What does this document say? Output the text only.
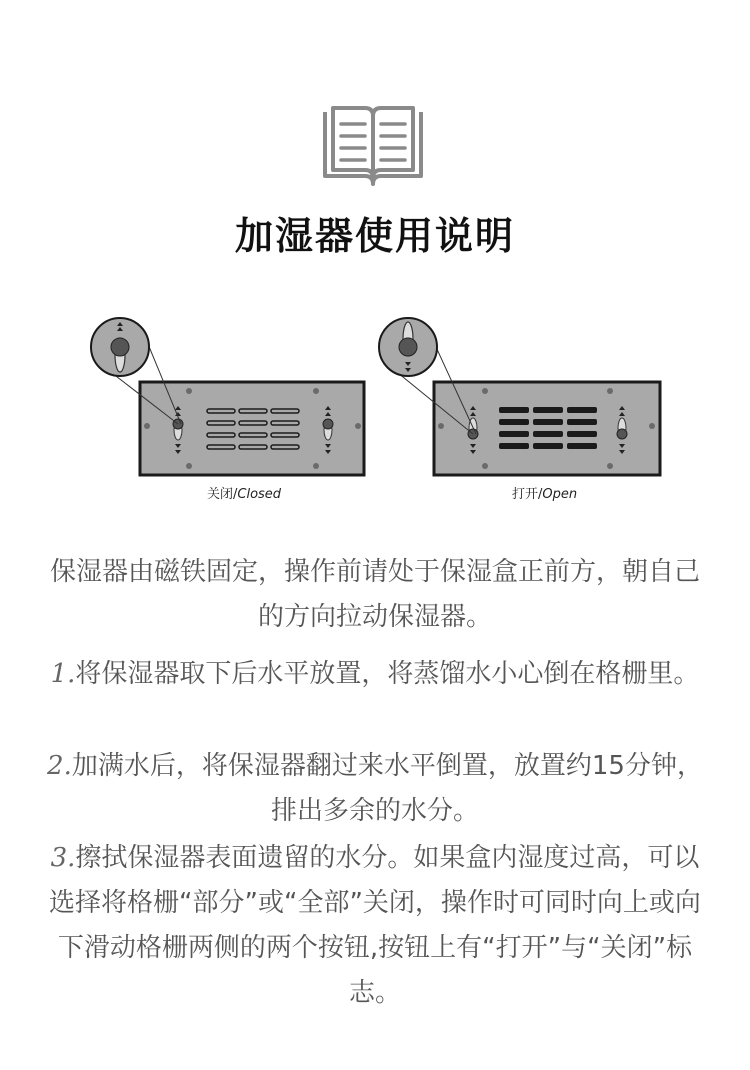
加湿器使用说明
关闭/Closed	打开/Open
保湿器由磁铁固定，操作前请处于保湿盒正前方，朝自己的方向拉动保湿器。
1.将保湿器取下后水平放置，将蒸馏水小心倒在格栅里。
2.加满水后，将保湿器翻过来水平倒置，放置约15分钟，排出多余的水分。
3.擦拭保湿器表面遗留的水分。如果盒内湿度过高，可以选择将格栅“部分”或“全部”关闭，操作时可同时向上或向下滑动格栅两侧的两个按钮,按钮上有“打开”与“关闭”标志。
